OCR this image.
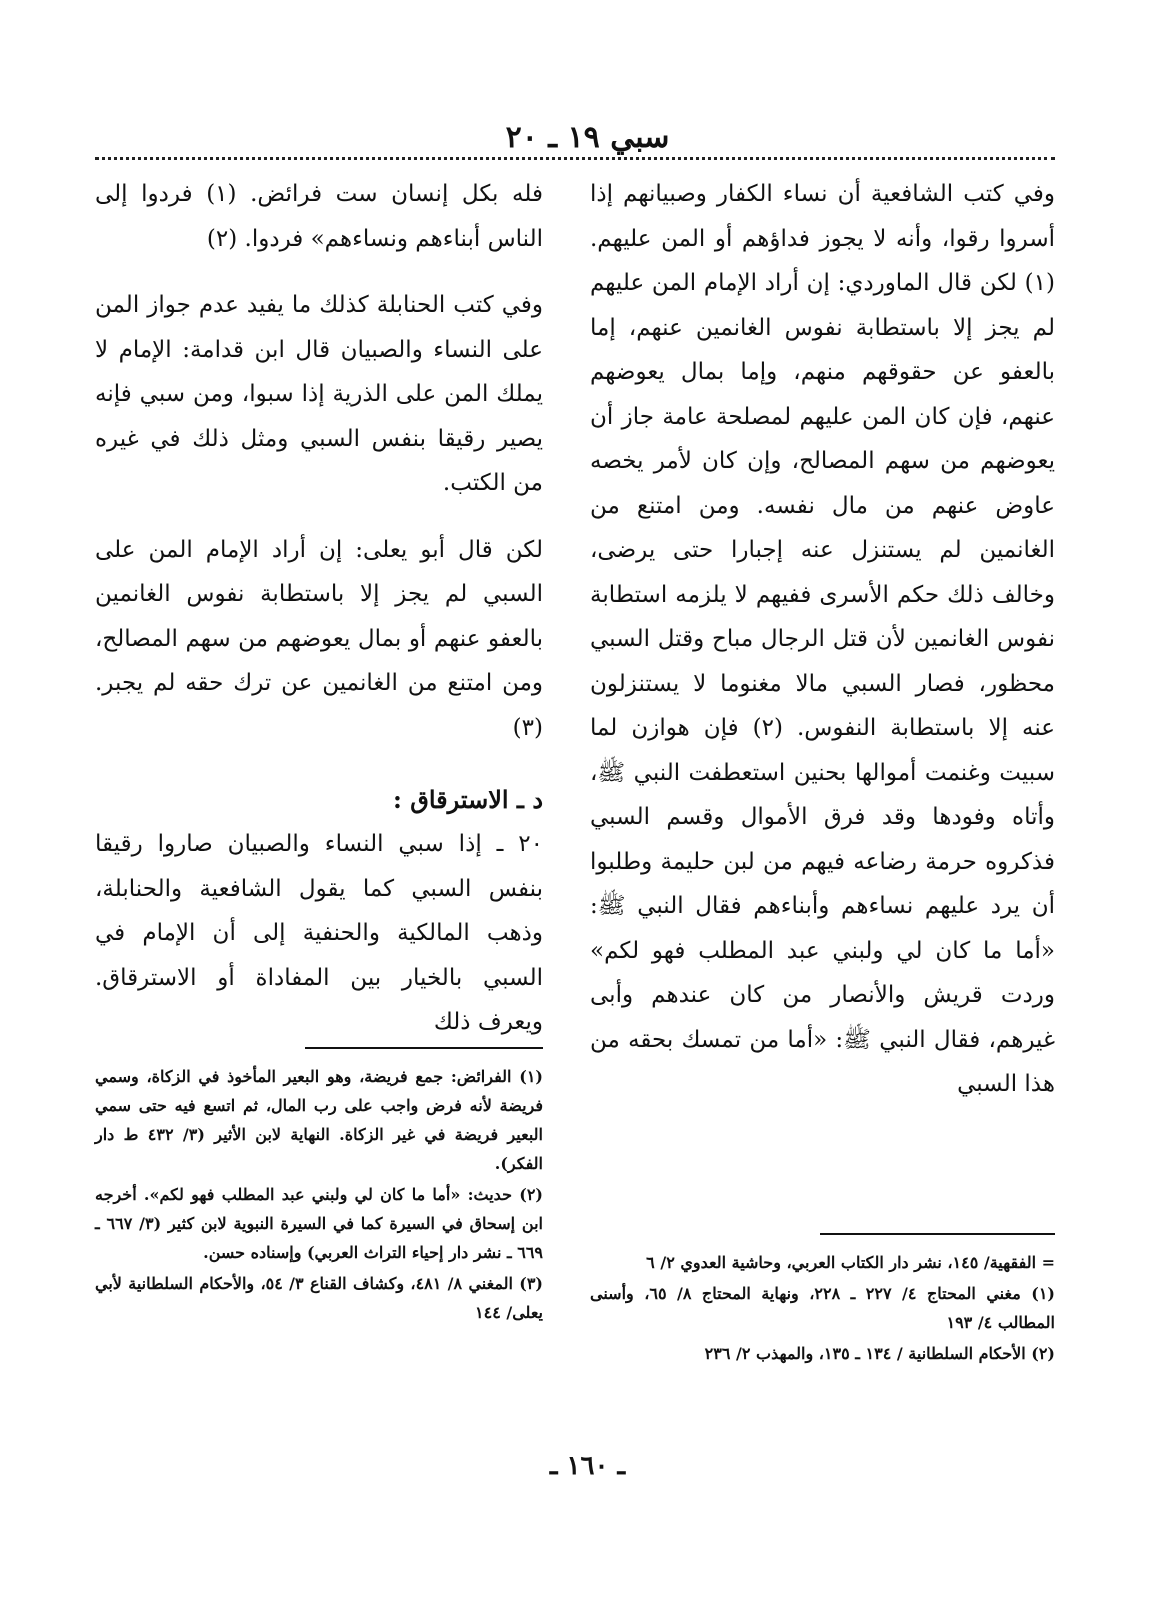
سبي ١٩ ـ ٢٠

وفي كتب الشافعية أن نساء الكفار وصبيانهم إذا أسروا رقوا، وأنه لا يجوز فداؤهم أو المن عليهم. (١) لكن قال الماوردي: إن أراد الإمام المن عليهم لم يجز إلا باستطابة نفوس الغانمين عنهم، إما بالعفو عن حقوقهم منهم، وإما بمال يعوضهم عنهم، فإن كان المن عليهم لمصلحة عامة جاز أن يعوضهم من سهم المصالح، وإن كان لأمر يخصه عاوض عنهم من مال نفسه. ومن امتنع من الغانمين لم يستنزل عنه إجبارا حتى يرضى، وخالف ذلك حكم الأسرى ففيهم لا يلزمه استطابة نفوس الغانمين لأن قتل الرجال مباح وقتل السبي محظور، فصار السبي مالا مغنوما لا يستنزلون عنه إلا باستطابة النفوس. (٢) فإن هوازن لما سبيت وغنمت أموالها بحنين استعطفت النبي ﷺ، وأتاه وفودها وقد فرق الأموال وقسم السبي فذكروه حرمة رضاعه فيهم من لبن حليمة وطلبوا أن يرد عليهم نساءهم وأبناءهم فقال النبي ﷺ: «أما ما كان لي ولبني عبد المطلب فهو لكم» وردت قريش والأنصار من كان عندهم وأبى غيرهم، فقال النبي ﷺ: «أما من تمسك بحقه من هذا السبي

فله بكل إنسان ست فرائض. (١) فردوا إلى الناس أبناءهم ونساءهم» فردوا. (٢)

وفي كتب الحنابلة كذلك ما يفيد عدم جواز المن على النساء والصبيان قال ابن قدامة: الإمام لا يملك المن على الذرية إذا سبوا، ومن سبي فإنه يصير رقيقا بنفس السبي ومثل ذلك في غيره من الكتب.

لكن قال أبو يعلى: إن أراد الإمام المن على السبي لم يجز إلا باستطابة نفوس الغانمين بالعفو عنهم أو بمال يعوضهم من سهم المصالح، ومن امتنع من الغانمين عن ترك حقه لم يجبر. (٣)

د ـ الاسترقاق :

٢٠ ـ إذا سبي النساء والصبيان صاروا رقيقا بنفس السبي كما يقول الشافعية والحنابلة، وذهب المالكية والحنفية إلى أن الإمام في السبي بالخيار بين المفاداة أو الاسترقاق. ويعرف ذلك

= الفقهية/ ١٤٥، نشر دار الكتاب العربي، وحاشية العدوي ٢/ ٦

(١) مغني المحتاج ٤/ ٢٢٧ ـ ٢٢٨، ونهاية المحتاج ٨/ ٦٥، وأسنى المطالب ٤/ ١٩٣

(٢) الأحكام السلطانية / ١٣٤ ـ ١٣٥، والمهذب ٢/ ٢٣٦

(١) الفرائض: جمع فريضة، وهو البعير المأخوذ في الزكاة، وسمي فريضة لأنه فرض واجب على رب المال، ثم اتسع فيه حتى سمي البعير فريضة في غير الزكاة. النهاية لابن الأثير (٣/ ٤٣٢ ط دار الفكر).

(٢) حديث: «أما ما كان لي ولبني عبد المطلب فهو لكم». أخرجه ابن إسحاق في السيرة كما في السيرة النبوية لابن كثير (٣/ ٦٦٧ ـ ٦٦٩ ـ نشر دار إحياء التراث العربي) وإسناده حسن.

(٣) المغني ٨/ ٤٨١، وكشاف القناع ٣/ ٥٤، والأحكام السلطانية لأبي يعلى/ ١٤٤

ـ ١٦٠ ـ
